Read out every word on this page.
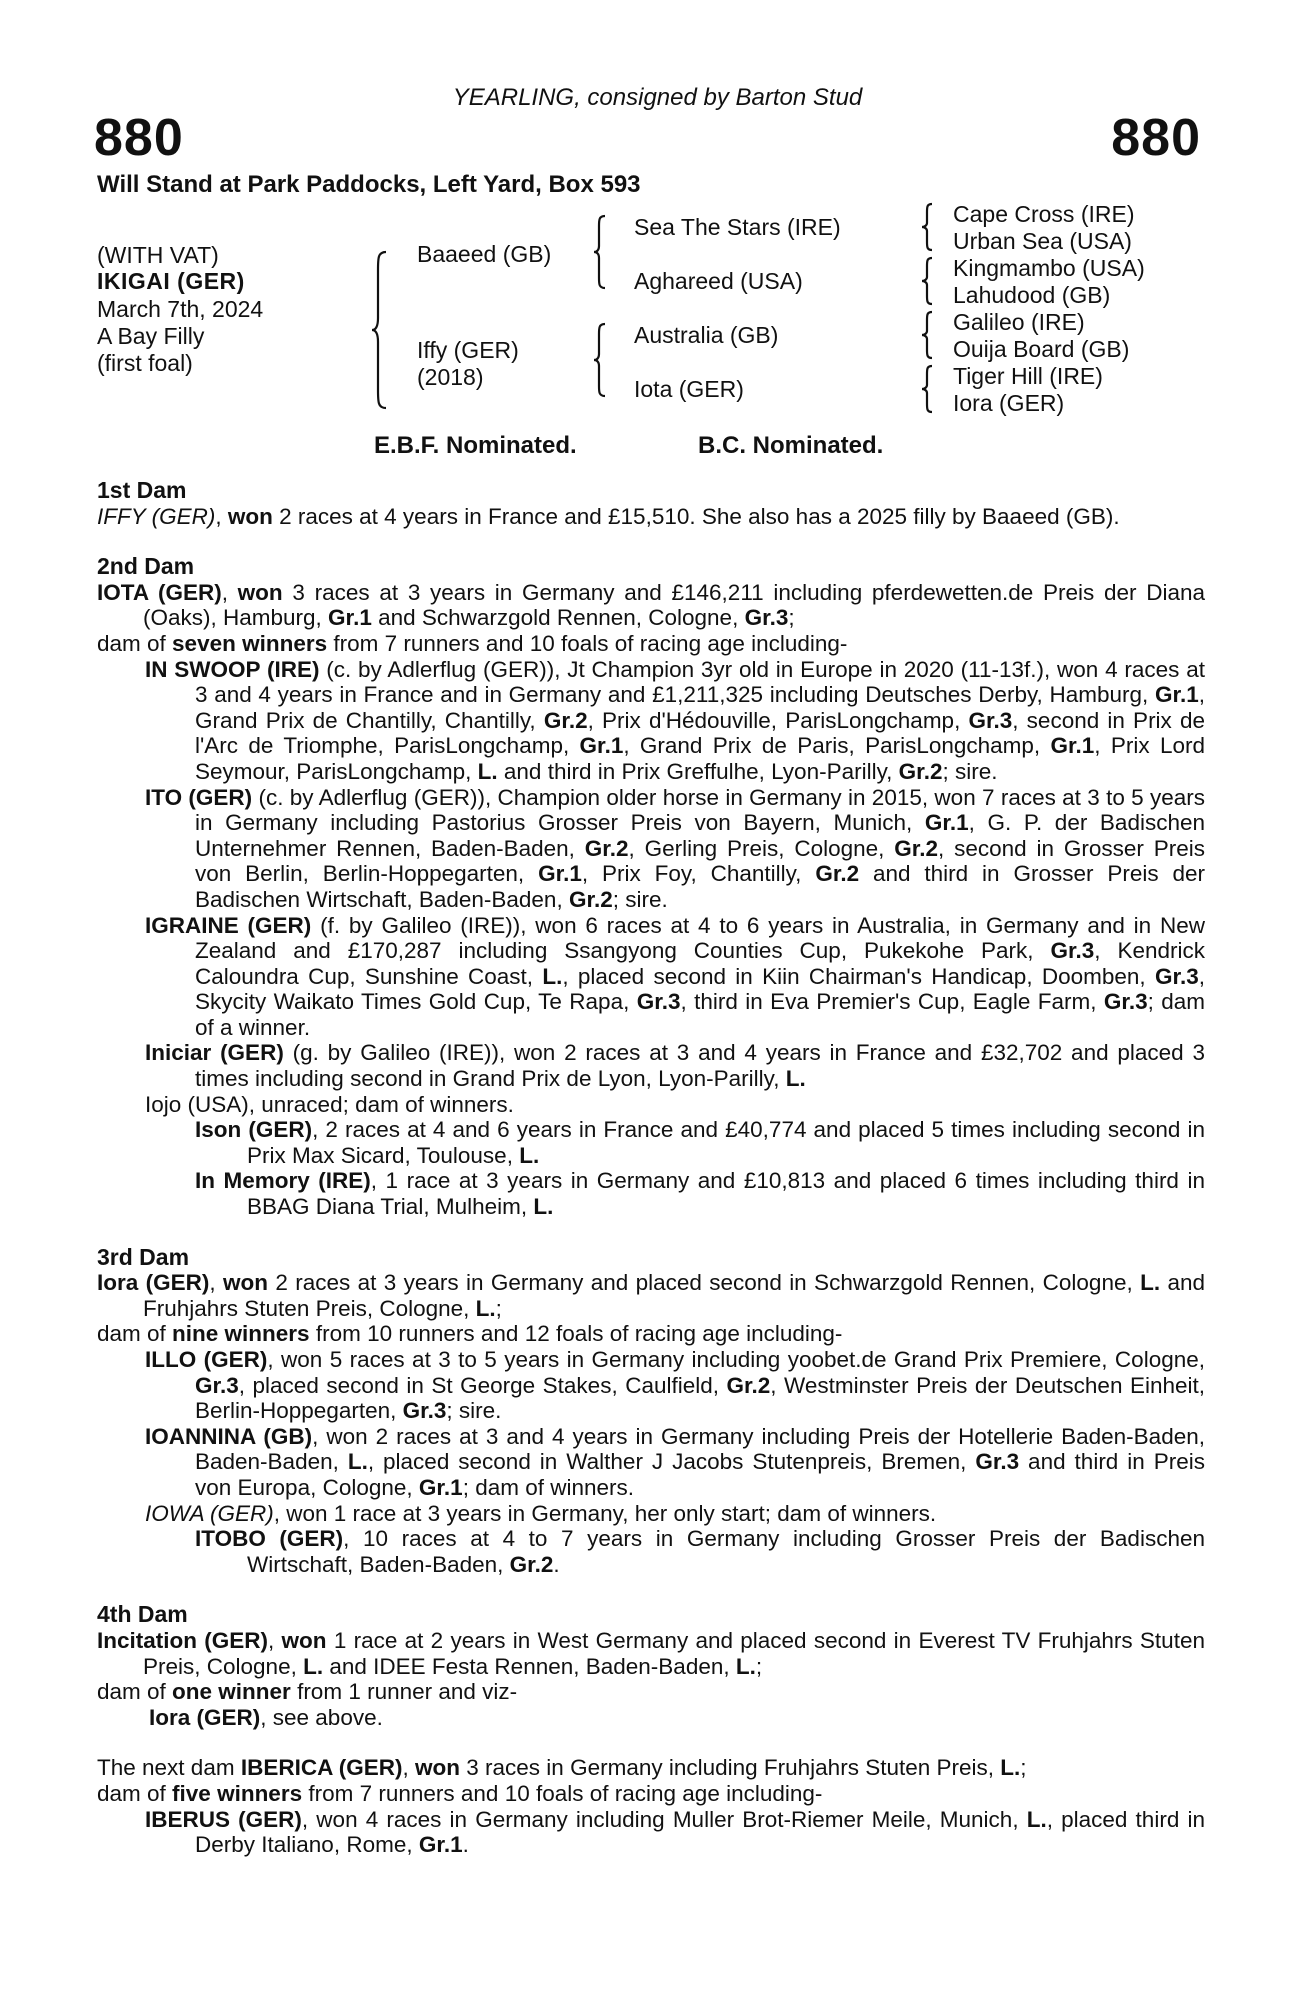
YEARLING, consigned by Barton Stud
880	880
Will Stand at Park Paddocks, Left Yard, Box 593
(WITH VAT)
IKIGAI (GER)
March 7th, 2024
A Bay Filly
(first foal)
Baaeed (GB)
Iffy (GER)
(2018)
Sea The Stars (IRE)
Aghareed (USA)
Australia (GB)
Iota (GER)
Cape Cross (IRE)
Urban Sea (USA)
Kingmambo (USA)
Lahudood (GB)
Galileo (IRE)
Ouija Board (GB)
Tiger Hill (IRE)
Iora (GER)
E.B.F. Nominated.	B.C. Nominated.

1st Dam

IFFY (GER), won 2 races at 4 years in France and £15,510. She also has a 2025 filly by Baaeed (GB).

2nd Dam

IOTA (GER), won 3 races at 3 years in Germany and £146,211 including pferdewetten.de Preis der Diana (Oaks), Hamburg, Gr.1 and Schwarzgold Rennen, Cologne, Gr.3;

dam of seven winners from 7 runners and 10 foals of racing age including-

IN SWOOP (IRE) (c. by Adlerflug (GER)), Jt Champion 3yr old in Europe in 2020 (11-13f.), won 4 races at 3 and 4 years in France and in Germany and £1,211,325 including Deutsches Derby, Hamburg, Gr.1, Grand Prix de Chantilly, Chantilly, Gr.2, Prix d'Hédouville, ParisLongchamp, Gr.3, second in Prix de l'Arc de Triomphe, ParisLongchamp, Gr.1, Grand Prix de Paris, ParisLongchamp, Gr.1, Prix Lord Seymour, ParisLongchamp, L. and third in Prix Greffulhe, Lyon-Parilly, Gr.2; sire.

ITO (GER) (c. by Adlerflug (GER)), Champion older horse in Germany in 2015, won 7 races at 3 to 5 years in Germany including Pastorius Grosser Preis von Bayern, Munich, Gr.1, G. P. der Badischen Unternehmer Rennen, Baden-Baden, Gr.2, Gerling Preis, Cologne, Gr.2, second in Grosser Preis von Berlin, Berlin-Hoppegarten, Gr.1, Prix Foy, Chantilly, Gr.2 and third in Grosser Preis der Badischen Wirtschaft, Baden-Baden, Gr.2; sire.

IGRAINE (GER) (f. by Galileo (IRE)), won 6 races at 4 to 6 years in Australia, in Germany and in New Zealand and £170,287 including Ssangyong Counties Cup, Pukekohe Park, Gr.3, Kendrick Caloundra Cup, Sunshine Coast, L., placed second in Kiin Chairman's Handicap, Doomben, Gr.3, Skycity Waikato Times Gold Cup, Te Rapa, Gr.3, third in Eva Premier's Cup, Eagle Farm, Gr.3; dam of a winner.

Iniciar (GER) (g. by Galileo (IRE)), won 2 races at 3 and 4 years in France and £32,702 and placed 3 times including second in Grand Prix de Lyon, Lyon-Parilly, L.

Iojo (USA), unraced; dam of winners.

Ison (GER), 2 races at 4 and 6 years in France and £40,774 and placed 5 times including second in Prix Max Sicard, Toulouse, L.

In Memory (IRE), 1 race at 3 years in Germany and £10,813 and placed 6 times including third in BBAG Diana Trial, Mulheim, L.

3rd Dam

Iora (GER), won 2 races at 3 years in Germany and placed second in Schwarzgold Rennen, Cologne, L. and Fruhjahrs Stuten Preis, Cologne, L.;

dam of nine winners from 10 runners and 12 foals of racing age including-

ILLO (GER), won 5 races at 3 to 5 years in Germany including yoobet.de Grand Prix Premiere, Cologne, Gr.3, placed second in St George Stakes, Caulfield, Gr.2, Westminster Preis der Deutschen Einheit, Berlin-Hoppegarten, Gr.3; sire.

IOANNINA (GB), won 2 races at 3 and 4 years in Germany including Preis der Hotellerie Baden-Baden, Baden-Baden, L., placed second in Walther J Jacobs Stutenpreis, Bremen, Gr.3 and third in Preis von Europa, Cologne, Gr.1; dam of winners.

IOWA (GER), won 1 race at 3 years in Germany, her only start; dam of winners.

ITOBO (GER), 10 races at 4 to 7 years in Germany including Grosser Preis der Badischen Wirtschaft, Baden-Baden, Gr.2.

4th Dam

Incitation (GER), won 1 race at 2 years in West Germany and placed second in Everest TV Fruhjahrs Stuten Preis, Cologne, L. and IDEE Festa Rennen, Baden-Baden, L.;

dam of one winner from 1 runner and viz-

Iora (GER), see above.

The next dam IBERICA (GER), won 3 races in Germany including Fruhjahrs Stuten Preis, L.;

dam of five winners from 7 runners and 10 foals of racing age including-

IBERUS (GER), won 4 races in Germany including Muller Brot-Riemer Meile, Munich, L., placed third in Derby Italiano, Rome, Gr.1.
